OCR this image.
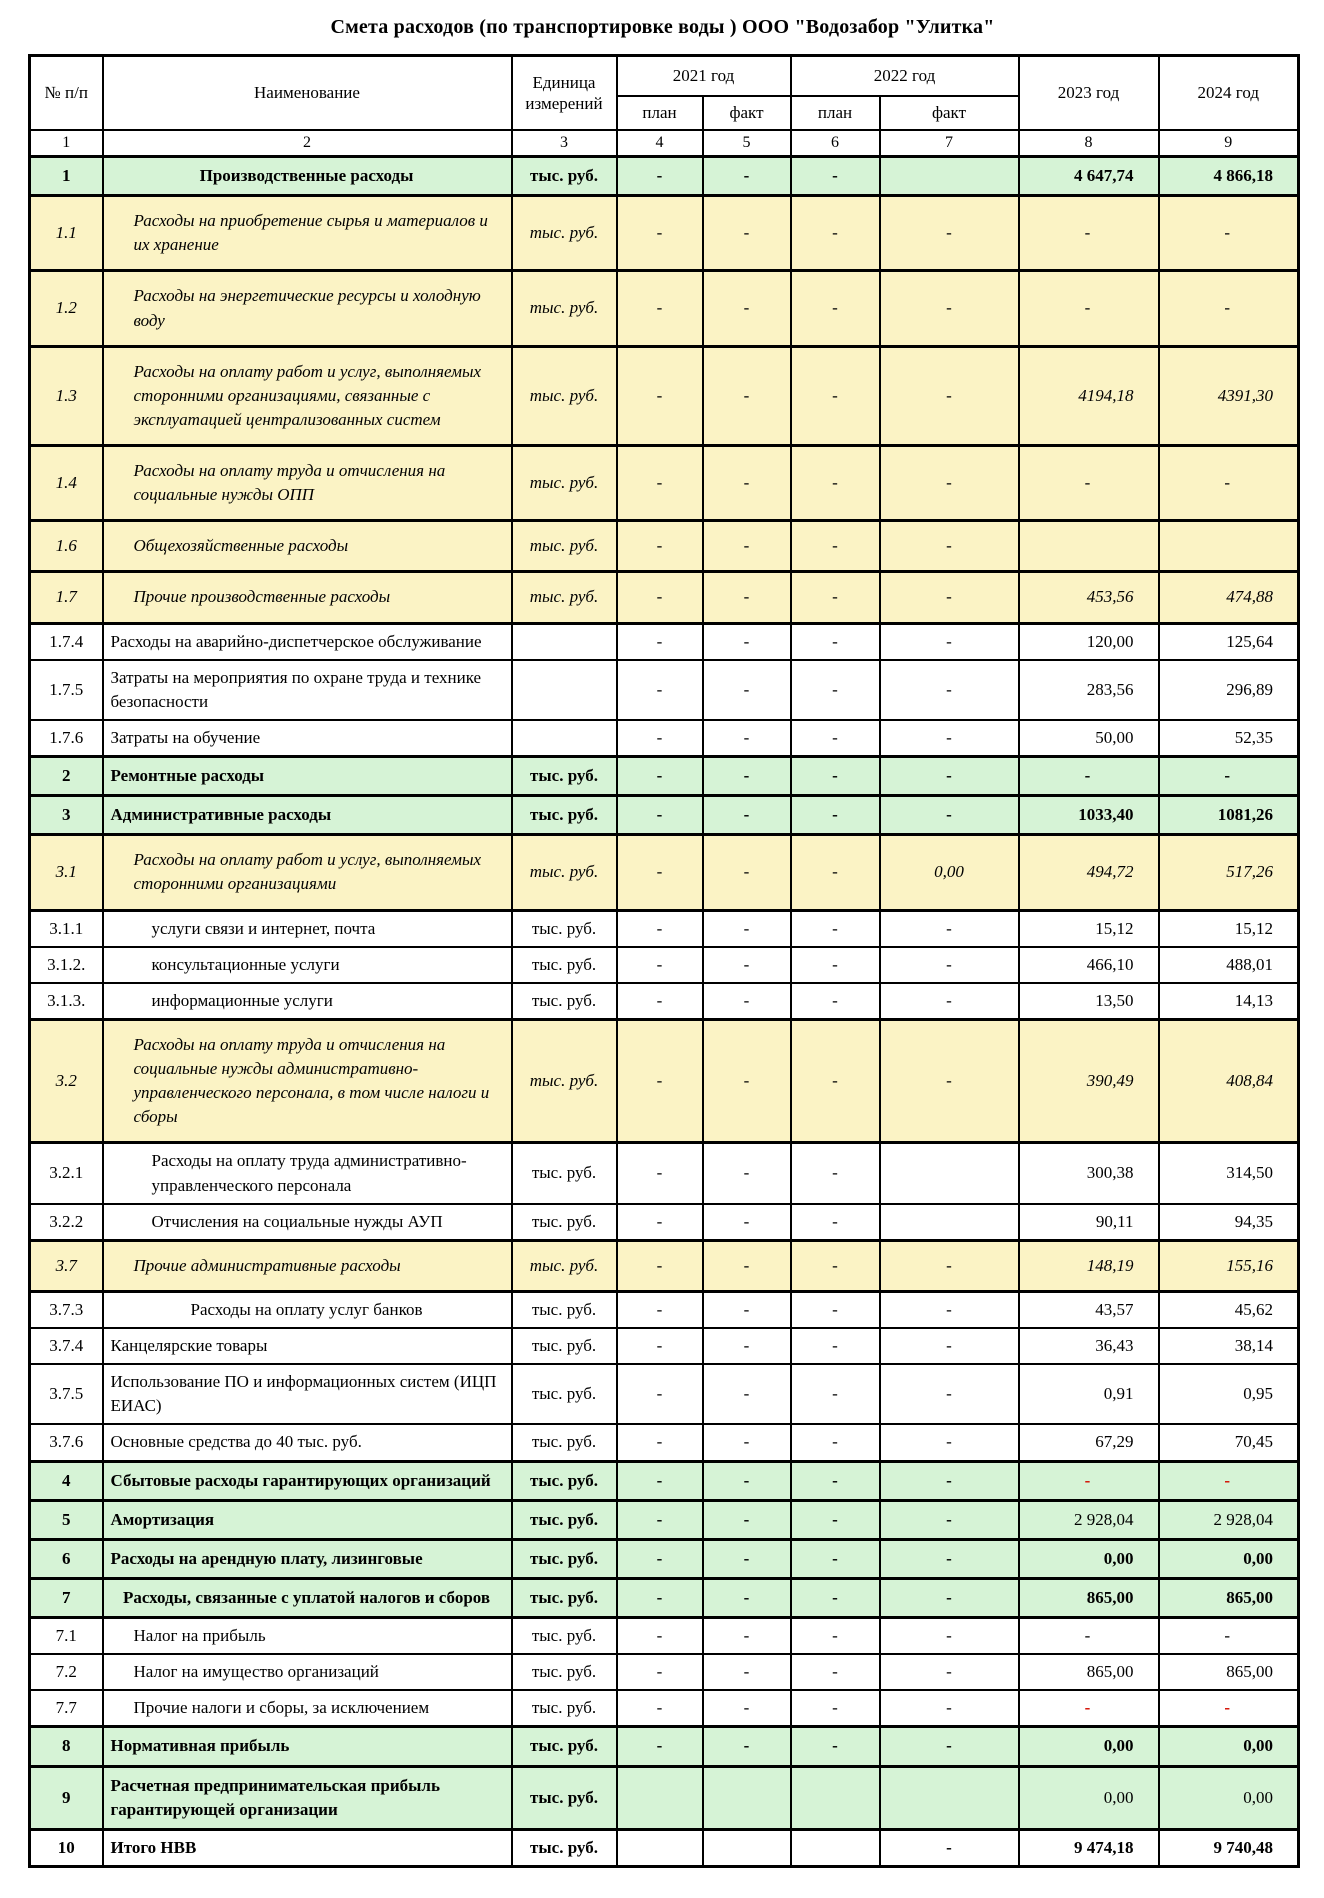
Смета расходов (по транспортировке воды ) ООО "Водозабор "Улитка"
№ п/п	Наименование	Единица измерений	2021 год		2022 год		2023 год	2024 год
			план	факт	план	факт		
1	2	3	4	5	6	7	8	9
1	Производственные расходы	тыс. руб.	-	-	-		4 647,74	4 866,18
1.1	Расходы на приобретение сырья и материалов и их хранение	тыс. руб.	-	-	-	-	-	-
1.2	Расходы на энергетические ресурсы и холодную воду	тыс. руб.	-	-	-	-	-	-
1.3	Расходы на оплату работ и услуг, выполняемых сторонними организациями, связанные с эксплуатацией централизованных систем	тыс. руб.	-	-	-	-	4194,18	4391,30
1.4	Расходы на оплату труда и отчисления на социальные нужды ОПП	тыс. руб.	-	-	-	-	-	-
1.6	Общехозяйственные расходы	тыс. руб.	-	-	-	-		
1.7	Прочие производственные расходы	тыс. руб.	-	-	-	-	453,56	474,88
1.7.4	Расходы на аварийно-диспетчерское обслуживание		-	-	-	-	120,00	125,64
1.7.5	Затраты на мероприятия по охране труда и технике безопасности		-	-	-	-	283,56	296,89
1.7.6	Затраты на обучение		-	-	-	-	50,00	52,35
2	Ремонтные расходы	тыс. руб.	-	-	-	-	-	-
3	Административные расходы	тыс. руб.	-	-	-	-	1033,40	1081,26
3.1	Расходы на оплату работ и услуг, выполняемых сторонними организациями	тыс. руб.	-	-	-	0,00	494,72	517,26
3.1.1	услуги связи и интернет, почта	тыс. руб.	-	-	-	-	15,12	15,12
3.1.2.	консультационные услуги	тыс. руб.	-	-	-	-	466,10	488,01
3.1.3.	информационные услуги	тыс. руб.	-	-	-	-	13,50	14,13
3.2	Расходы на оплату труда и отчисления на социальные нужды административно-управленческого персонала, в том числе налоги и сборы	тыс. руб.	-	-	-	-	390,49	408,84
3.2.1	Расходы на оплату труда административно-управленческого персонала	тыс. руб.	-	-	-		300,38	314,50
3.2.2	Отчисления на социальные нужды АУП	тыс. руб.	-	-	-		90,11	94,35
3.7	Прочие административные расходы	тыс. руб.	-	-	-	-	148,19	155,16
3.7.3	Расходы на оплату услуг банков	тыс. руб.	-	-	-	-	43,57	45,62
3.7.4	Канцелярские товары	тыс. руб.	-	-	-	-	36,43	38,14
3.7.5	Использование ПО и информационных систем (ИЦП ЕИАС)	тыс. руб.	-	-	-	-	0,91	0,95
3.7.6	Основные средства до 40 тыс. руб.	тыс. руб.	-	-	-	-	67,29	70,45
4	Сбытовые расходы гарантирующих организаций	тыс. руб.	-	-	-	-	-	-
5	Амортизация	тыс. руб.	-	-	-	-	2 928,04	2 928,04
6	Расходы на арендную плату, лизинговые	тыс. руб.	-	-	-	-	0,00	0,00
7	Расходы, связанные с уплатой налогов и сборов	тыс. руб.	-	-	-	-	865,00	865,00
7.1	Налог на прибыль	тыс. руб.	-	-	-	-	-	-
7.2	Налог на имущество организаций	тыс. руб.	-	-	-	-	865,00	865,00
7.7	Прочие налоги и сборы, за исключением	тыс. руб.	-	-	-	-	-	-
8	Нормативная прибыль	тыс. руб.	-	-	-	-	0,00	0,00
9	Расчетная предпринимательская прибыль гарантирующей организации	тыс. руб.					0,00	0,00
10	Итого НВВ	тыс. руб.				-	9 474,18	9 740,48
